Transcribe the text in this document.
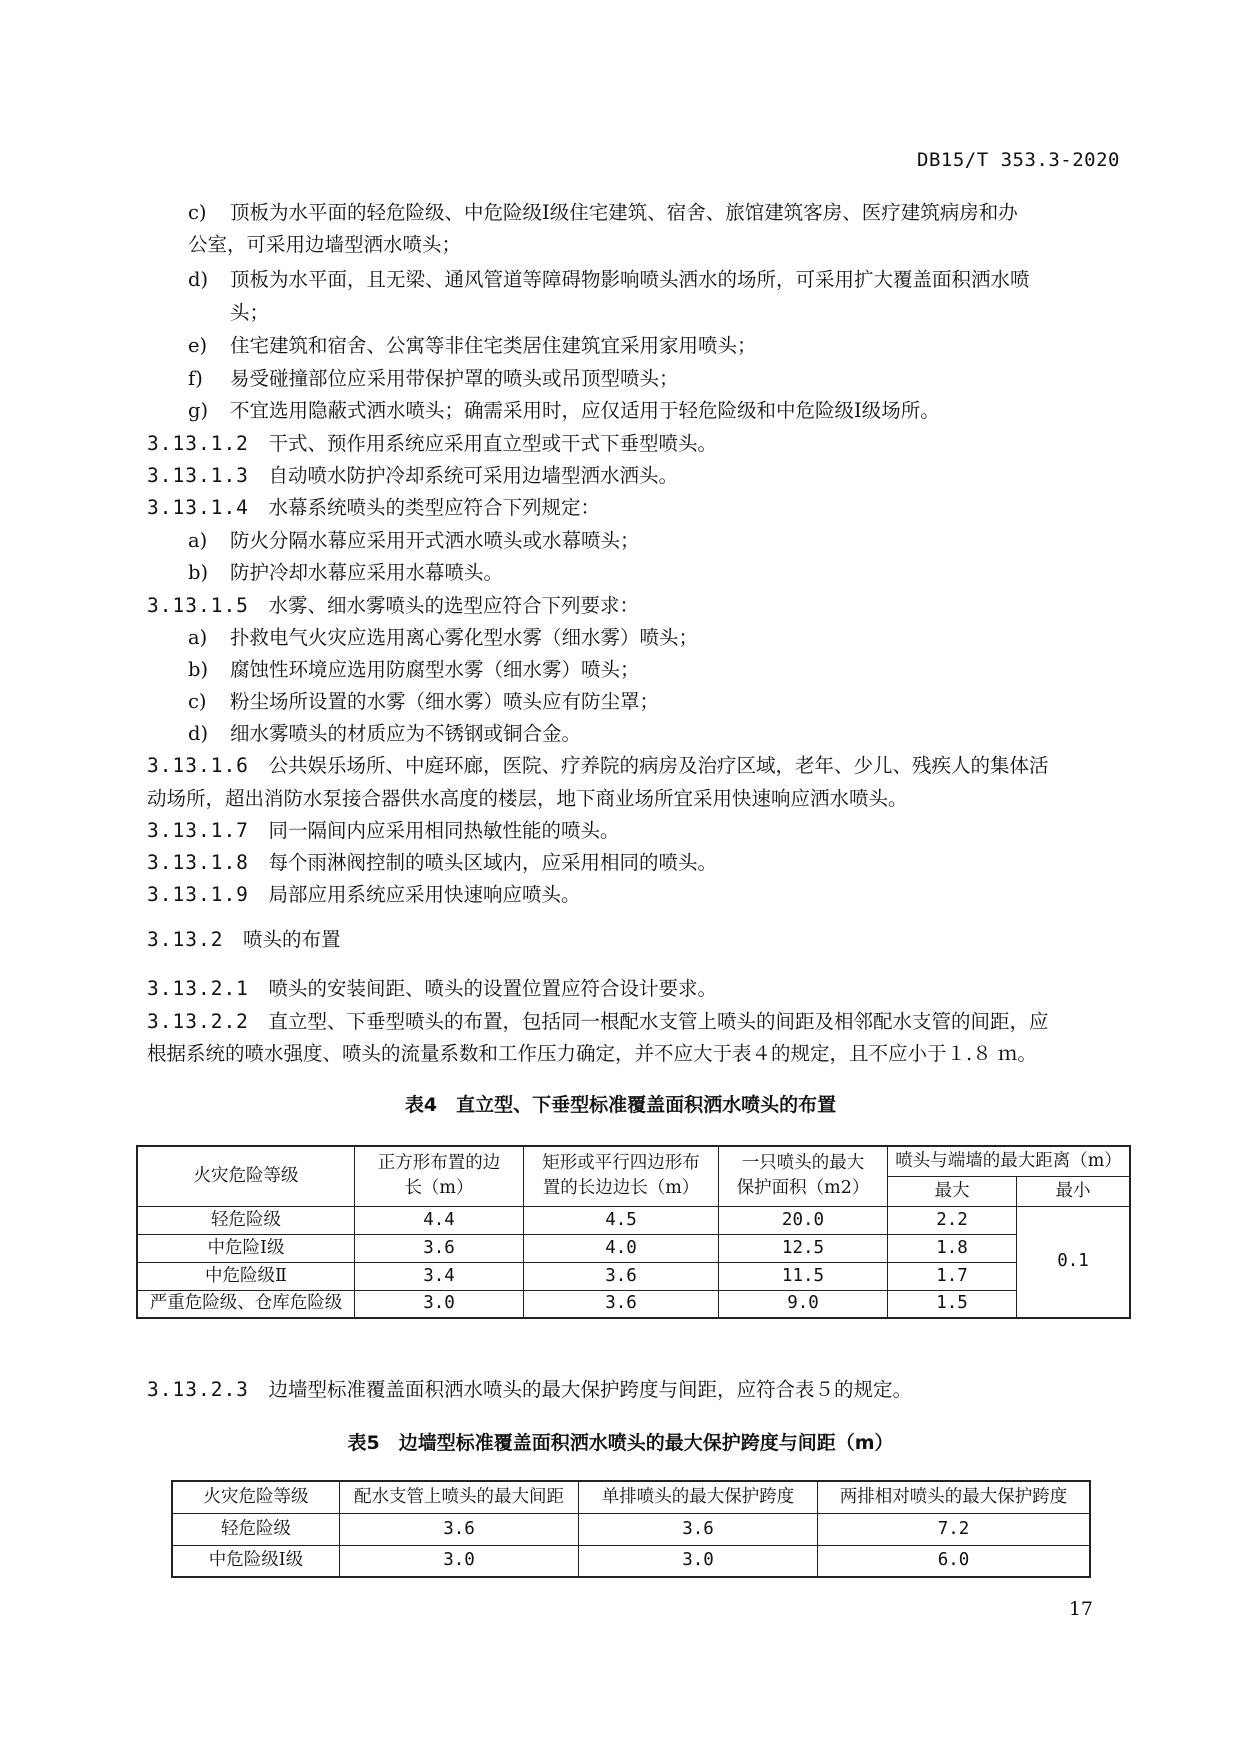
DB15/T 353.3-2020
c) 顶板为水平面的轻危险级、中危险级Ⅰ级住宅建筑、宿舍、旅馆建筑客房、医疗建筑病房和办
公室，可采用边墙型洒水喷头；
d) 顶板为水平面，且无梁、通风管道等障碍物影响喷头洒水的场所，可采用扩大覆盖面积洒水喷
头；
e) 住宅建筑和宿舍、公寓等非住宅类居住建筑宜采用家用喷头；
f) 易受碰撞部位应采用带保护罩的喷头或吊顶型喷头；
g) 不宜选用隐蔽式洒水喷头；确需采用时，应仅适用于轻危险级和中危险级Ⅰ级场所。
3.13.1.2　 干式、预作用系统应采用直立型或干式下垂型喷头。
3.13.1.3　 自动喷水防护冷却系统可采用边墙型洒水洒头。
3.13.1.4　 水幕系统喷头的类型应符合下列规定：
a) 防火分隔水幕应采用开式洒水喷头或水幕喷头；
b) 防护冷却水幕应采用水幕喷头。
3.13.1.5　 水雾、细水雾喷头的选型应符合下列要求：
a) 扑救电气火灾应选用离心雾化型水雾（细水雾）喷头；
b) 腐蚀性环境应选用防腐型水雾（细水雾）喷头；
c) 粉尘场所设置的水雾（细水雾）喷头应有防尘罩；
d) 细水雾喷头的材质应为不锈钢或铜合金。
3.13.1.6　 公共娱乐场所、中庭环廊，医院、疗养院的病房及治疗区域，老年、少儿、残疾人的集体活
动场所，超出消防水泵接合器供水高度的楼层，地下商业场所宜采用快速响应洒水喷头。
3.13.1.7　 同一隔间内应采用相同热敏性能的喷头。
3.13.1.8　 每个雨淋阀控制的喷头区域内，应采用相同的喷头。
3.13.1.9　 局部应用系统应采用快速响应喷头。
3.13.2　 喷头的布置
3.13.2.1　 喷头的安装间距、喷头的设置位置应符合设计要求。
3.13.2.2　 直立型、下垂型喷头的布置，包括同一根配水支管上喷头的间距及相邻配水支管的间距，应
根据系统的喷水强度、喷头的流量系数和工作压力确定，并不应大于表４的规定，且不应小于１.８ ｍ。
表4　直立型、下垂型标准覆盖面积洒水喷头的布置
火灾危险等级	正方形布置的边
长（m）	矩形或平行四边形布
置的长边边长（m）	一只喷头的最大
保护面积（m2）	喷头与端墙的最大距离（m）	
				最大	最小
轻危险级	4.4	4.5	20.0	2.2	0.1
中危险Ⅰ级	3.6	4.0	12.5	1.8	
中危险级Ⅱ	3.4	3.6	11.5	1.7	
严重危险级、仓库危险级	3.0	3.6	9.0	1.5	
3.13.2.3　 边墙型标准覆盖面积洒水喷头的最大保护跨度与间距，应符合表５的规定。
表5　边墙型标准覆盖面积洒水喷头的最大保护跨度与间距（m）
火灾危险等级	配水支管上喷头的最大间距	单排喷头的最大保护跨度	两排相对喷头的最大保护跨度
轻危险级	3.6	3.6	7.2
中危险级Ⅰ级	3.0	3.0	6.0
17
